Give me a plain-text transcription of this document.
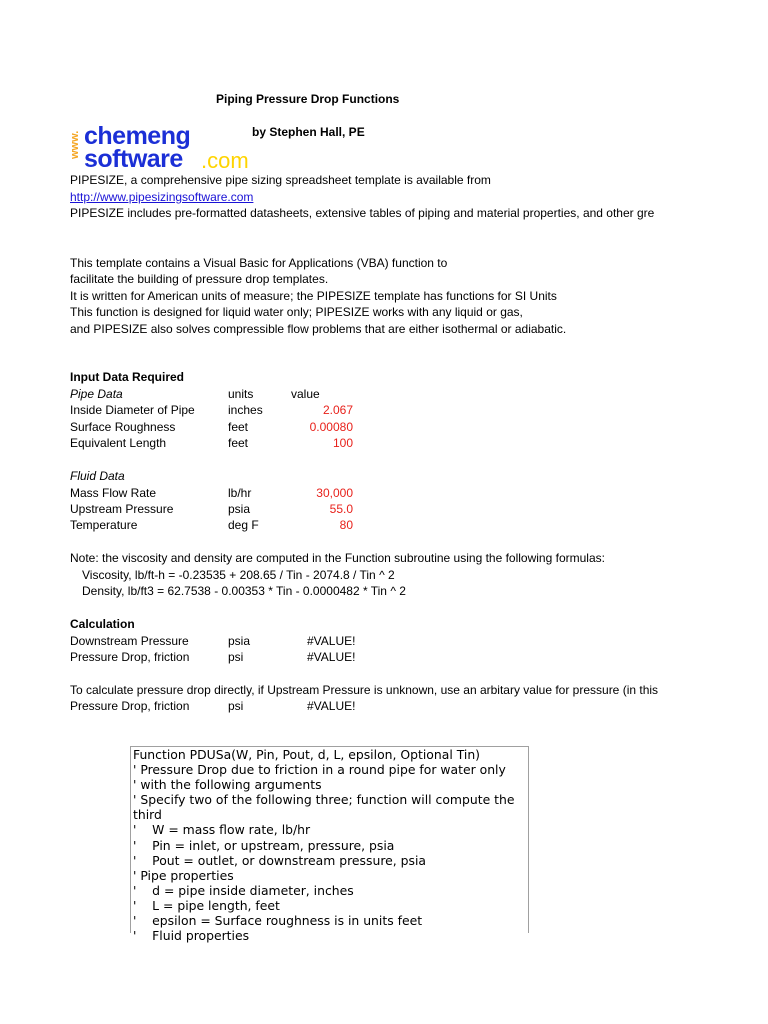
Piping Pressure Drop Functions
by Stephen Hall, PE
www. chemeng
software .com
PIPESIZE, a comprehensive pipe sizing spreadsheet template is available from
http://www.pipesizingsoftware.com
PIPESIZE includes pre-formatted datasheets, extensive tables of piping and material properties, and other gre
This template contains a Visual Basic for Applications (VBA) function to
facilitate the building of pressure drop templates.
It is written for American units of measure; the PIPESIZE template has functions for SI Units
This function is designed for liquid water only; PIPESIZE works with any liquid or gas,
and PIPESIZE also solves compressible flow problems that are either isothermal or adiabatic.
Input Data Required
Pipe Data	units	value
Inside Diameter of Pipe	inches	2.067
Surface Roughness	feet	0.00080
Equivalent Length	feet	100
Fluid Data
Mass Flow Rate	lb/hr	30,000
Upstream Pressure	psia	55.0
Temperature	deg F	80
Note: the viscosity and density are computed in the Function subroutine using the following formulas:
Viscosity, lb/ft-h = -0.23535 + 208.65 / Tin - 2074.8 / Tin ^ 2
Density, lb/ft3 = 62.7538 - 0.00353 * Tin - 0.0000482 * Tin ^ 2
Calculation
Downstream Pressure	psia	#VALUE!
Pressure Drop, friction	psi	#VALUE!
To calculate pressure drop directly, if Upstream Pressure is unknown, use an arbitary value for pressure (in this
Pressure Drop, friction	psi	#VALUE!
Function PDUSa(W, Pin, Pout, d, L, epsilon, Optional Tin)
' Pressure Drop due to friction in a round pipe for water only
' with the following arguments
' Specify two of the following three; function will compute the
third
'    W = mass flow rate, lb/hr
'    Pin = inlet, or upstream, pressure, psia
'    Pout = outlet, or downstream pressure, psia
' Pipe properties
'    d = pipe inside diameter, inches
'    L = pipe length, feet
'    epsilon = Surface roughness is in units feet
'    Fluid properties
